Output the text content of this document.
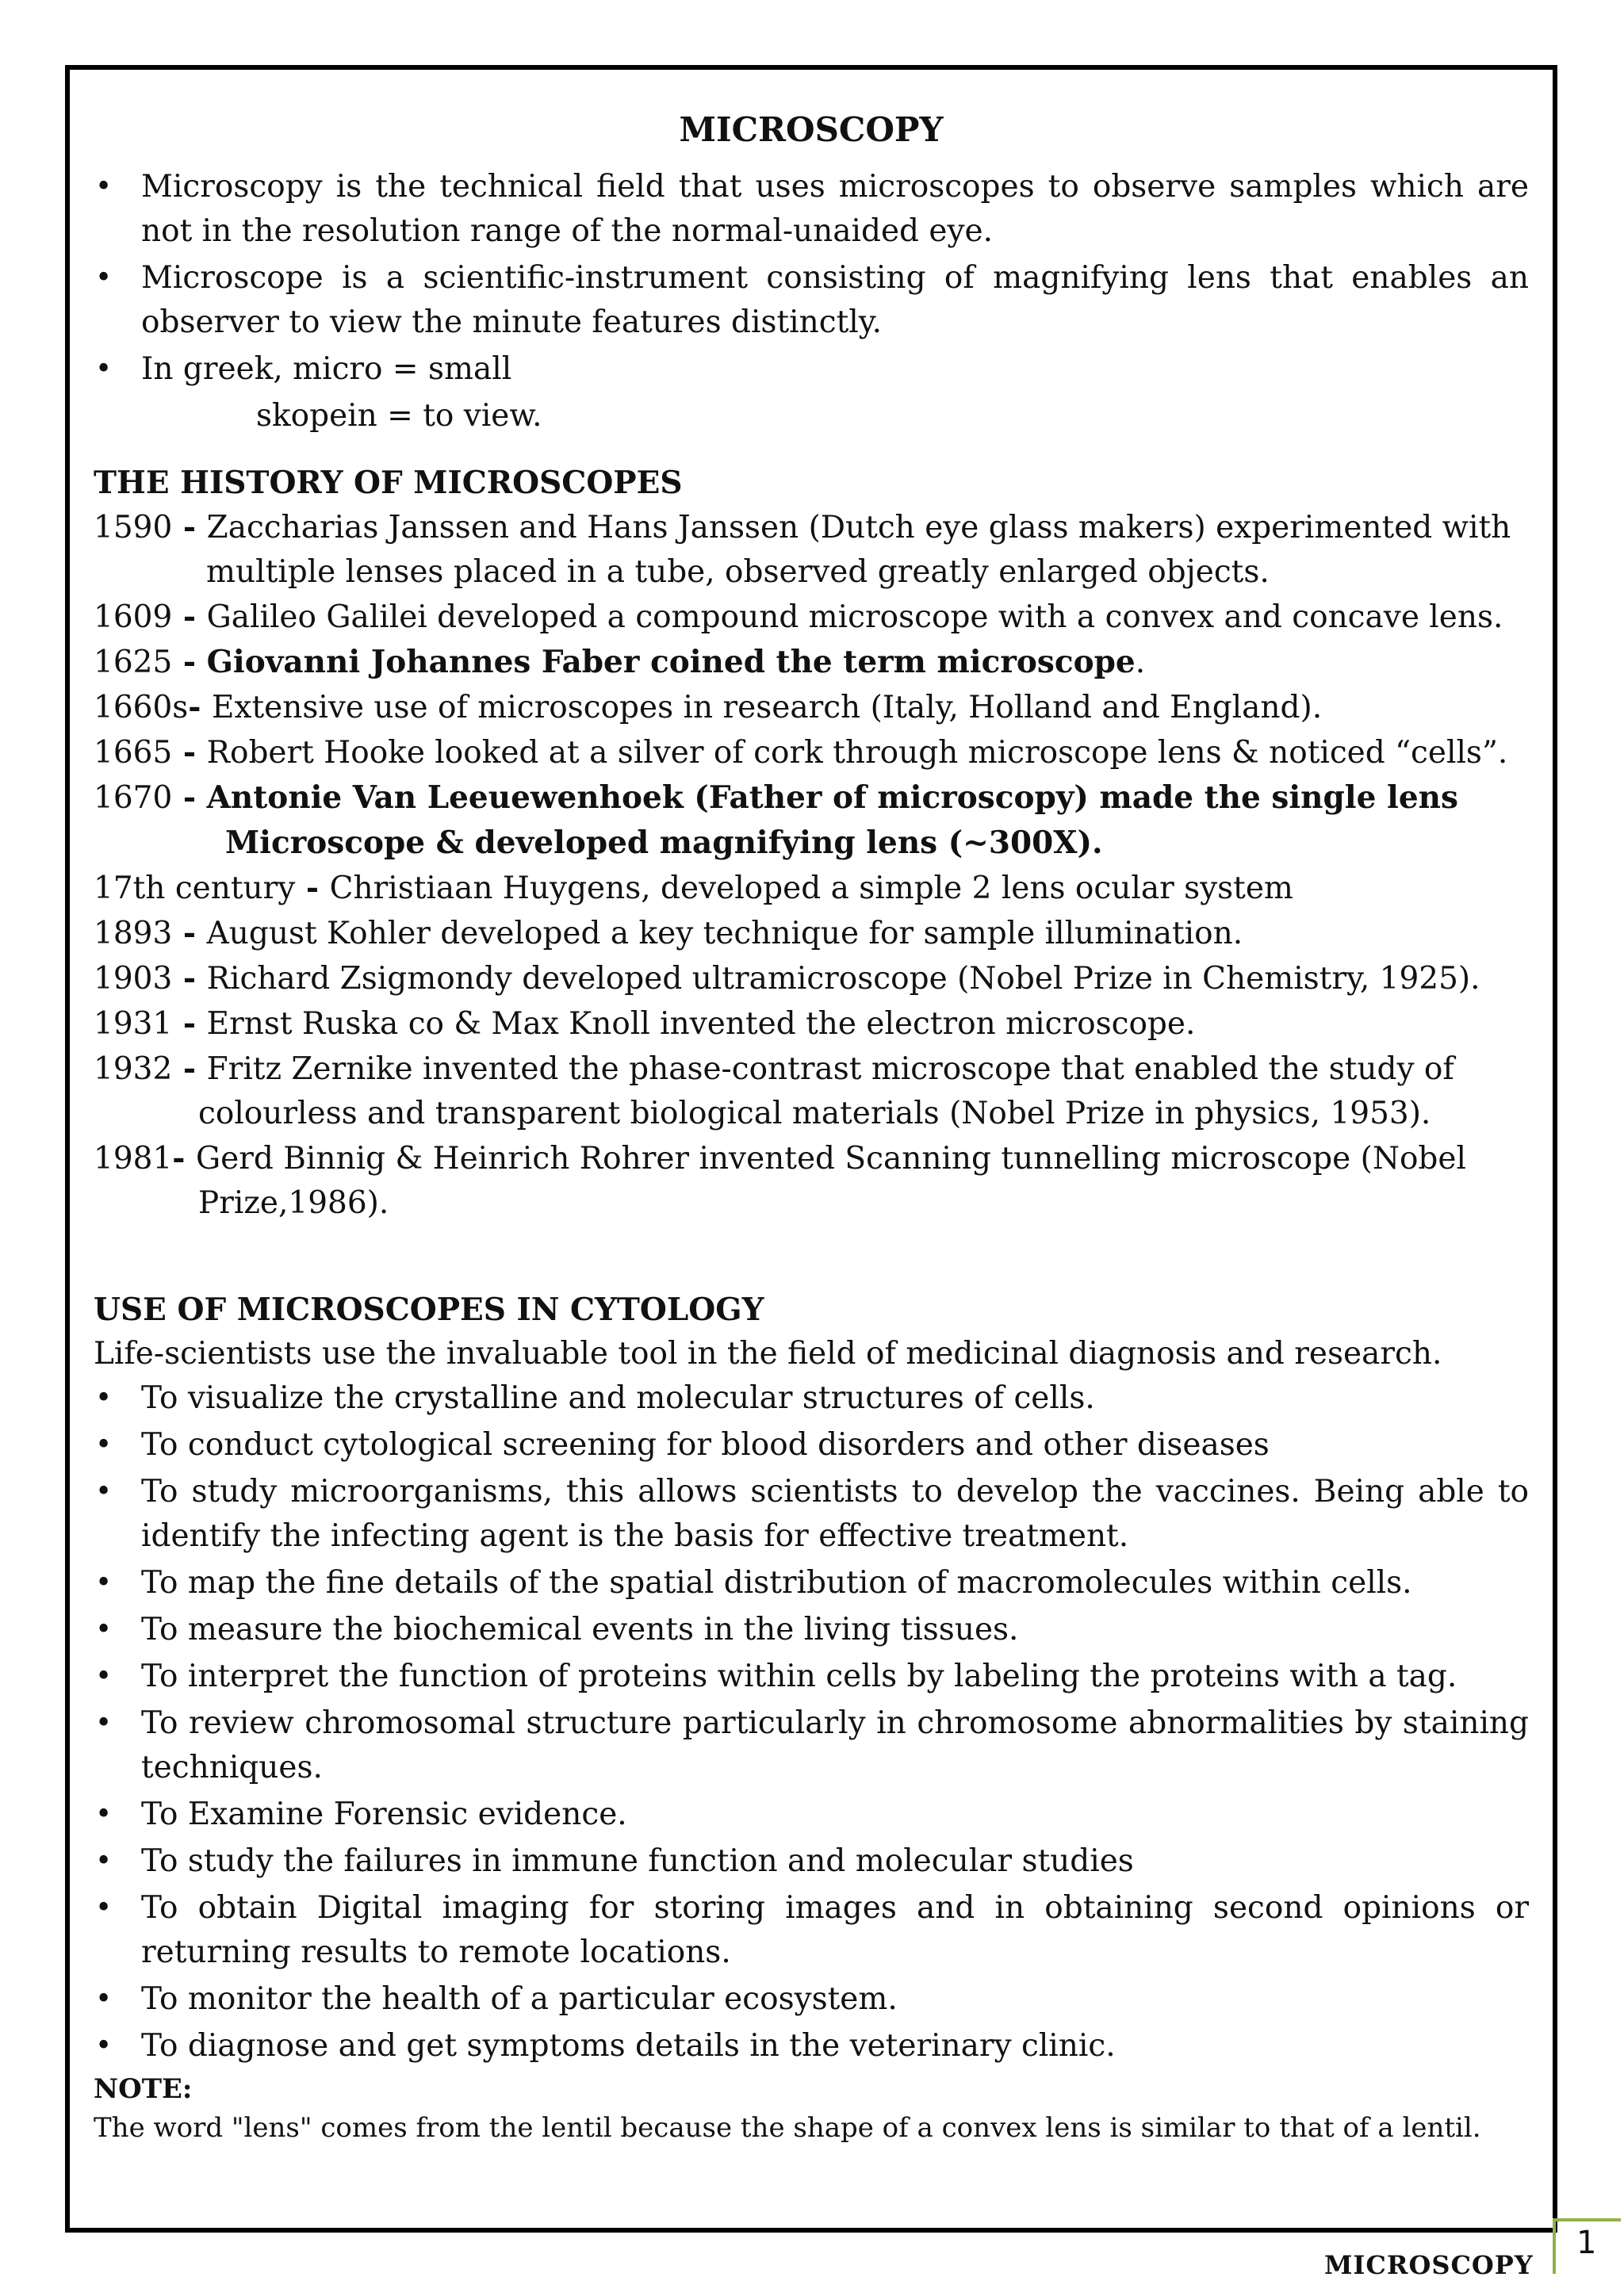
MICROSCOPY
• Microscopy is the technical field that uses microscopes to observe samples which are not in the resolution range of the normal-unaided eye.
• Microscope is a scientific-instrument consisting of magnifying lens that enables an observer to view the minute features distinctly.
• In greek, micro = small
skopein = to view.
THE HISTORY OF MICROSCOPES
1590 - Zaccharias Janssen and Hans Janssen (Dutch eye glass makers) experimented with multiple lenses placed in a tube, observed greatly enlarged objects.
1609 - Galileo Galilei developed a compound microscope with a convex and concave lens.
1625 - Giovanni Johannes Faber coined the term microscope.
1660s- Extensive use of microscopes in research (Italy, Holland and England).
1665 - Robert Hooke looked at a silver of cork through microscope lens & noticed “cells”.
1670 - Antonie Van Leeuewenhoek (Father of microscopy) made the single lens Microscope & developed magnifying lens (~300X).
17th century - Christiaan Huygens, developed a simple 2 lens ocular system
1893 - August Kohler developed a key technique for sample illumination.
1903 - Richard Zsigmondy developed ultramicroscope (Nobel Prize in Chemistry, 1925).
1931 - Ernst Ruska co & Max Knoll invented the electron microscope.
1932 - Fritz Zernike invented the phase-contrast microscope that enabled the study of colourless and transparent biological materials (Nobel Prize in physics, 1953).
1981- Gerd Binnig & Heinrich Rohrer invented Scanning tunnelling microscope (Nobel Prize,1986).
USE OF MICROSCOPES IN CYTOLOGY
Life-scientists use the invaluable tool in the field of medicinal diagnosis and research.
• To visualize the crystalline and molecular structures of cells.
• To conduct cytological screening for blood disorders and other diseases
• To study microorganisms, this allows scientists to develop the vaccines. Being able to identify the infecting agent is the basis for effective treatment.
• To map the fine details of the spatial distribution of macromolecules within cells.
• To measure the biochemical events in the living tissues.
• To interpret the function of proteins within cells by labeling the proteins with a tag.
• To review chromosomal structure particularly in chromosome abnormalities by staining techniques.
• To Examine Forensic evidence.
• To study the failures in immune function and molecular studies
• To obtain Digital imaging for storing images and in obtaining second opinions or returning results to remote locations.
• To monitor the health of a particular ecosystem.
• To diagnose and get symptoms details in the veterinary clinic.
NOTE:
The word "lens" comes from the lentil because the shape of a convex lens is similar to that of a lentil.
MICROSCOPY
1
